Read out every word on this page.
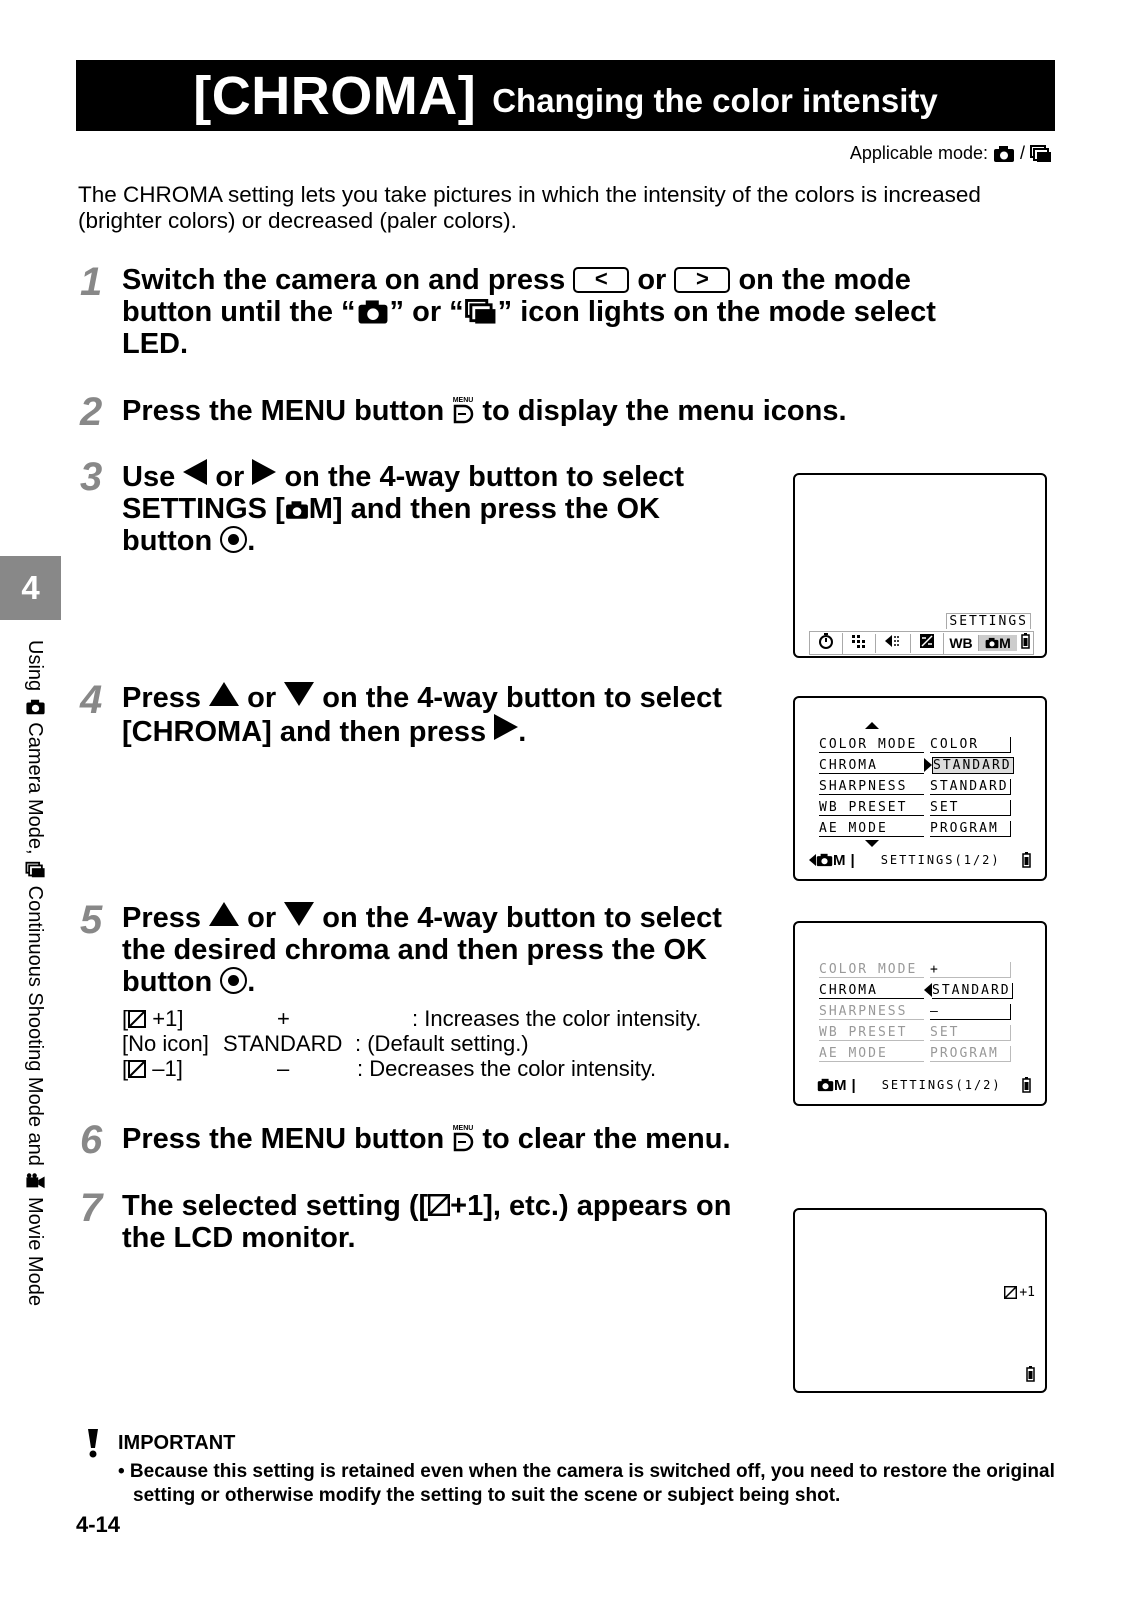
[CHROMA] Changing the color intensity
Applicable mode: /
The CHROMA setting lets you take pictures in which the intensity of the colors is increased (brighter colors) or decreased (paler colors).
4
Using
Camera Mode,
Continuous Shooting Mode and
Movie Mode
1 Switch the camera on and press < or > on the mode
button until the “ ” or “ ” icon lights on the mode select
LED.
2 Press the MENU button MENU to display the menu icons.
3 Use or on the 4-way button to select
SETTINGS [ M] and then press the OK
button .
SETTINGS
WB	M
4 Press or on the 4-way button to select
[CHROMA] and then press .	COLOR MODE COLOR
CHROMA	STANDARD
SHARPNESS	STANDARD
WB PRESET	SET
AE MODE	PROGRAM
M | SETTINGS(1/2)
5 Press or on the 4-way button to select
the desired chroma and then press the OK
button .
[ +1]	+	: Increases the color intensity.
[No icon] STANDARD : (Default setting.)
[ –1]	–	: Decreases the color intensity.
COLOR MODE +
CHROMA	STANDARD
SHARPNESS	–
WB PRESET	SET
AE MODE	PROGRAM
M | SETTINGS(1/2)
6 Press the MENU button MENU to clear the menu.
7 The selected setting ([ +1], etc.) appears on
the LCD monitor.
+1
IMPORTANT
• Because this setting is retained even when the camera is switched off, you need to restore the original setting or otherwise modify the setting to suit the scene or subject being shot.
4-14
